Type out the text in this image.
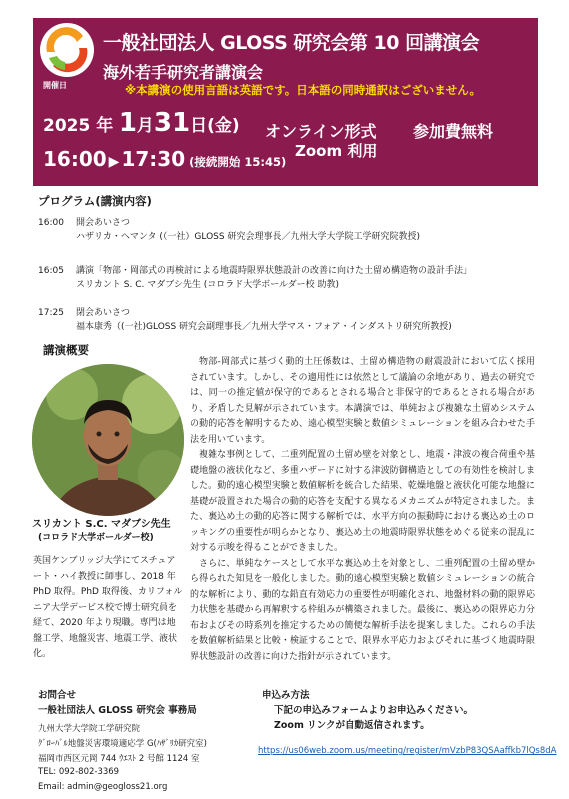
一般社団法人 GLOSS 研究会第 10 回講演会
海外若手研究者講演会
開催日	※本講演の使用言語は英語です。日本語の同時通訳はございません。
2025 年 1月31日(金) オンライン形式 参加費無料
Zoom 利用
16:00 ▶ 17:30 (接続開始 15:45)
プログラム(講演内容)
16:00 開会あいさつ
ハザリカ・ヘマンタ (（一社）GLOSS 研究会理事長／九州大学大学院工学研究院教授)
16:05 講演「物部・岡部式の再検討による地震時限界状態設計の改善に向けた土留め構造物の設計手法」
スリカント S. C. マダブシ先生 (コロラド大学ボールダー校 助教)
17:25 閉会あいさつ
福本康秀（(一社)GLOSS 研究会副理事長／九州大学マス・フォア・インダストリ研究所教授)
講演概要
スリカント S.C. マダブシ先生
(コロラド大学ボールダー校)
英国ケンブリッジ大学にてスチュアート・ハイ教授に師事し、2018 年 PhD 取得。PhD 取得後、カリフォルニア大学デービス校で博士研究員を経て、2020 年より現職。専門は地盤工学、地盤災害、地震工学、液状化。

物部-岡部式に基づく動的土圧係数は、土留め構造物の耐震設計において広く採用されています。しかし、その適用性には依然として議論の余地があり、過去の研究では、同一の推定値が保守的であるとされる場合と非保守的であるとされる場合があり、矛盾した見解が示されています。本講演では、単純および複雑な土留めシステムの動的応答を解明するため、遠心模型実験と数値シミュレーションを組み合わせた手法を用いています。

複雑な事例として、二重列配置の土留め壁を対象とし、地震・津波の複合荷重や基礎地盤の液状化など、多重ハザードに対する津波防御構造としての有効性を検討しました。動的遠心模型実験と数値解析を統合した結果、乾燥地盤と液状化可能な地盤に基礎が設置された場合の動的応答を支配する異なるメカニズムが特定されました。また、裏込め土の動的応答に関する解析では、水平方向の振動時における裏込め土のロッキングの重要性が明らかとなり、裏込め土の地震時限界状態をめぐる従来の混乱に対する示唆を得ることができました。

さらに、単純なケースとして水平な裏込め土を対象とし、二重列配置の土留め壁から得られた知見を一般化しました。動的遠心模型実験と数値シミュレーションの統合的な解析により、動的な鉛直有効応力の重要性が明確化され、地盤材料の動的限界応力状態を基礎から再解釈する枠組みが構築されました。最後に、裏込めの限界応力分布およびその時系列を推定するための簡便な解析手法を提案しました。これらの手法を数値解析結果と比較・検証することで、限界水平応力およびそれに基づく地震時限界状態設計の改善に向けた指針が示されています。

お問合せ
一般社団法人 GLOSS 研究会 事務局
九州大学大学院工学研究院
ｸﾞﾛｰﾊﾞﾙ地盤災害環境適応学 G(ﾊｻﾞﾘｶ研究室)
福岡市西区元岡 744 ｳｴｽﾄ 2 号館 1124 室
TEL: 092-802-3369
Email: admin@geogloss21.org
申込み方法
下記の申込みフォームよりお申込みください。
Zoom リンクが自動返信されます。
https://us06web.zoom.us/meeting/register/mVzbP83QSAaffkb7lQs8dA
